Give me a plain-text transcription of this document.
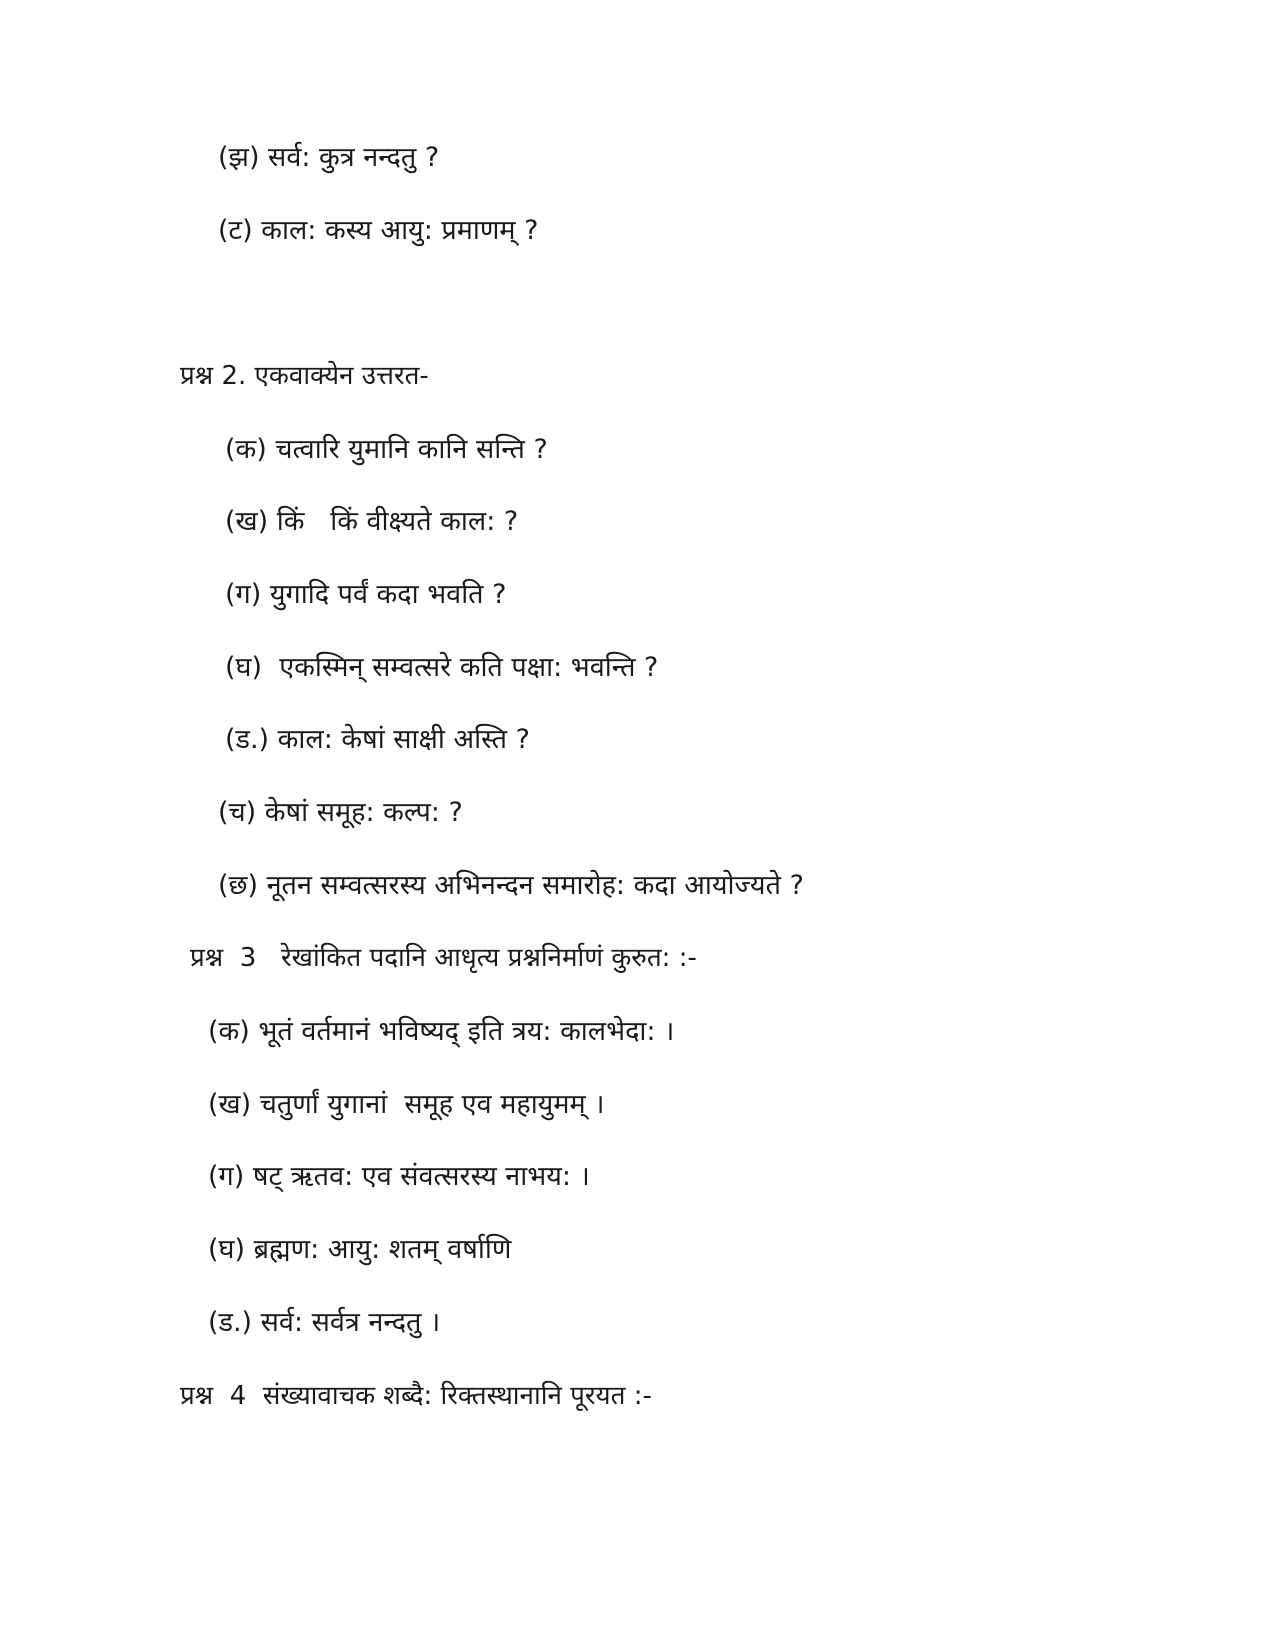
(झ) सर्व: कुत्र नन्दतु ?

(ट) काल: कस्य आयु: प्रमाणम् ?

प्रश्न 2. एकवाक्येन उत्तरत-

(क) चत्वारि युमानि कानि सन्ति ?

(ख) किं   किं वीक्ष्यते काल: ?

(ग) युगादि पर्वं कदा भवति ?

(घ)  एकस्मिन् सम्वत्सरे कति पक्षा: भवन्ति ?

(ड.) काल: केषां साक्षी अस्ति ?

(च) केषां समूह: कल्प: ?

(छ) नूतन सम्वत्सरस्य अभिनन्दन समारोह: कदा आयोज्यते ?

प्रश्न  3   रेखांकित पदानि आधृत्य प्रश्ननिर्माणं कुरुत: :-

(क) भूतं वर्तमानं भविष्यद् इति त्रय: कालभेदा: ।

(ख) चतुर्णां युगानां  समूह एव महायुमम् ।

(ग) षट् ऋतव: एव संवत्सरस्य नाभय: ।

(घ) ब्रह्मण: आयु: शतम् वर्षाणि

(ड.) सर्व: सर्वत्र नन्दतु ।

प्रश्न  4  संख्यावाचक शब्दै: रिक्तस्थानानि पूरयत :-
